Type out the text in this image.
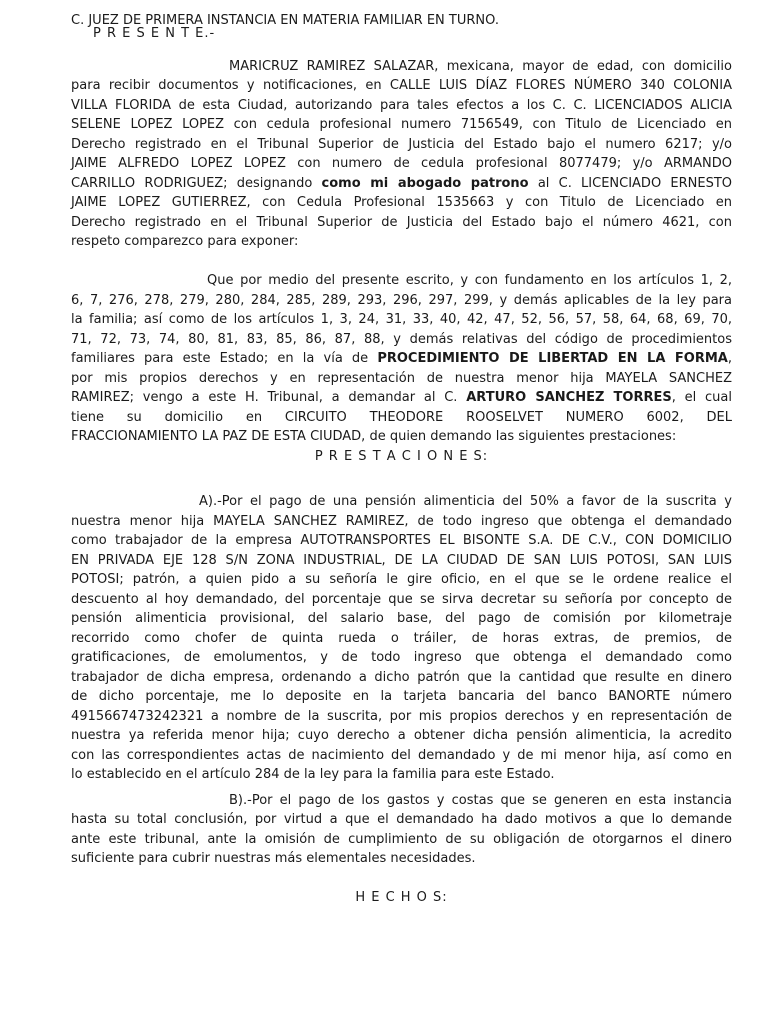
C. JUEZ DE PRIMERA INSTANCIA EN MATERIA FAMILIAR EN TURNO.
P R E S E N T E.-
MARICRUZ RAMIREZ SALAZAR, mexicana, mayor de edad, con domicilio
para recibir documentos y notificaciones, en CALLE LUIS DÍAZ FLORES NÚMERO 340 COLONIA
VILLA FLORIDA de esta Ciudad, autorizando para tales efectos a los C. C. LICENCIADOS ALICIA
SELENE LOPEZ LOPEZ con cedula profesional numero 7156549, con Titulo de Licenciado en
Derecho registrado en el Tribunal Superior de Justicia del Estado bajo el numero 6217; y/o
JAIME ALFREDO LOPEZ LOPEZ con numero de cedula profesional 8077479; y/o ARMANDO
CARRILLO RODRIGUEZ; designando como mi abogado patrono al C. LICENCIADO ERNESTO
JAIME LOPEZ GUTIERREZ, con Cedula Profesional 1535663 y con Titulo de Licenciado en
Derecho registrado en el Tribunal Superior de Justicia del Estado bajo el número 4621, con
respeto comparezco para exponer:
Que por medio del presente escrito, y con fundamento en los artículos 1, 2,
6, 7, 276, 278, 279, 280, 284, 285, 289, 293, 296, 297, 299, y demás aplicables de la ley para
la familia; así como de los artículos 1, 3, 24, 31, 33, 40, 42, 47, 52, 56, 57, 58, 64, 68, 69, 70,
71, 72, 73, 74, 80, 81, 83, 85, 86, 87, 88, y demás relativas del código de procedimientos
familiares para este Estado; en la vía de PROCEDIMIENTO DE LIBERTAD EN LA FORMA,
por mis propios derechos y en representación de nuestra menor hija MAYELA SANCHEZ
RAMIREZ; vengo a este H. Tribunal, a demandar al C. ARTURO SANCHEZ TORRES, el cual
tiene su domicilio en CIRCUITO THEODORE ROOSELVET NUMERO 6002, DEL
FRACCIONAMIENTO LA PAZ DE ESTA CIUDAD, de quien demando las siguientes prestaciones:
P R E S T A C I O N E S:
A).-Por el pago de una pensión alimenticia del 50% a favor de la suscrita y
nuestra menor hija MAYELA SANCHEZ RAMIREZ, de todo ingreso que obtenga el demandado
como trabajador de la empresa AUTOTRANSPORTES EL BISONTE S.A. DE C.V., CON DOMICILIO
EN PRIVADA EJE 128 S/N ZONA INDUSTRIAL, DE LA CIUDAD DE SAN LUIS POTOSI, SAN LUIS
POTOSI; patrón, a quien pido a su señoría le gire oficio, en el que se le ordene realice el
descuento al hoy demandado, del porcentaje que se sirva decretar su señoría por concepto de
pensión alimenticia provisional, del salario base, del pago de comisión por kilometraje
recorrido como chofer de quinta rueda o tráiler, de horas extras, de premios, de
gratificaciones, de emolumentos, y de todo ingreso que obtenga el demandado como
trabajador de dicha empresa, ordenando a dicho patrón que la cantidad que resulte en dinero
de dicho porcentaje, me lo deposite en la tarjeta bancaria del banco BANORTE número
4915667473242321 a nombre de la suscrita, por mis propios derechos y en representación de
nuestra ya referida menor hija; cuyo derecho a obtener dicha pensión alimenticia, la acredito
con las correspondientes actas de nacimiento del demandado y de mi menor hija, así como en
lo establecido en el artículo 284 de la ley para la familia para este Estado.
B).-Por el pago de los gastos y costas que se generen en esta instancia
hasta su total conclusión, por virtud a que el demandado ha dado motivos a que lo demande
ante este tribunal, ante la omisión de cumplimiento de su obligación de otorgarnos el dinero
suficiente para cubrir nuestras más elementales necesidades.
H E C H O S:
